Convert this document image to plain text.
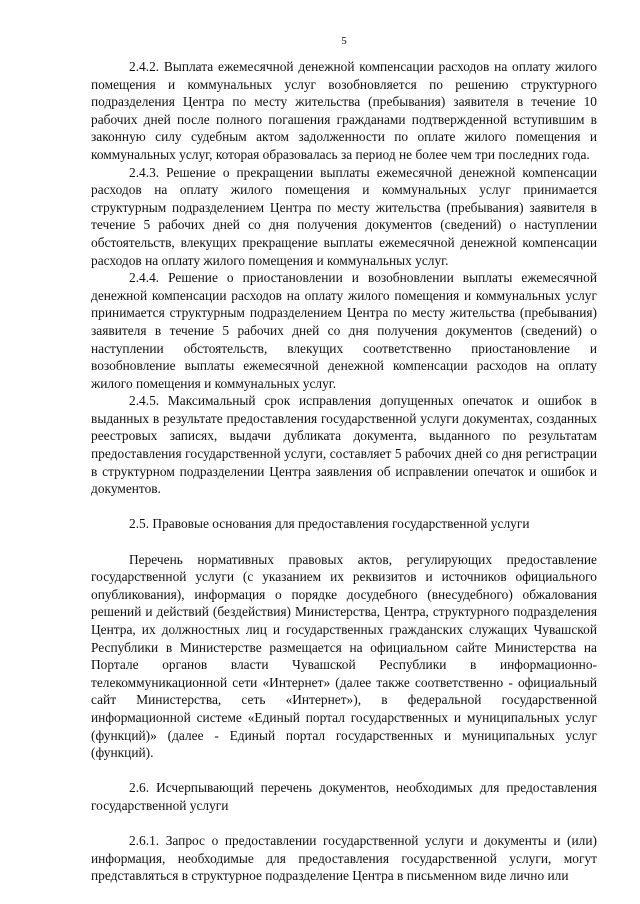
5

2.4.2. Выплата ежемесячной денежной компенсации расходов на оплату жилого помещения и коммунальных услуг возобновляется по решению структурного подразделения Центра по месту жительства (пребывания) заявителя в течение 10 рабочих дней после полного погашения гражданами подтвержденной вступившим в законную силу судебным актом задолженности по оплате жилого помещения и коммунальных услуг, которая образовалась за период не более чем три последних года.

2.4.3. Решение о прекращении выплаты ежемесячной денежной компенсации расходов на оплату жилого помещения и коммунальных услуг принимается структурным подразделением Центра по месту жительства (пребывания) заявителя в течение 5 рабочих дней со дня получения документов (сведений) о наступлении обстоятельств, влекущих прекращение выплаты ежемесячной денежной компенсации расходов на оплату жилого помещения и коммунальных услуг.

2.4.4. Решение о приостановлении и возобновлении выплаты ежемесячной денежной компенсации расходов на оплату жилого помещения и коммунальных услуг принимается структурным подразделением Центра по месту жительства (пребывания) заявителя в течение 5 рабочих дней со дня получения документов (сведений) о наступлении обстоятельств, влекущих соответственно приостановление и возобновление выплаты ежемесячной денежной компенсации расходов на оплату жилого помещения и коммунальных услуг.

2.4.5. Максимальный срок исправления допущенных опечаток и ошибок в выданных в результате предоставления государственной услуги документах, созданных реестровых записях, выдачи дубликата документа, выданного по результатам предоставления государственной услуги, составляет 5 рабочих дней со дня регистрации в структурном подразделении Центра заявления об исправлении опечаток и ошибок и документов.

2.5. Правовые основания для предоставления государственной услуги

Перечень нормативных правовых актов, регулирующих предоставление государственной услуги (с указанием их реквизитов и источников официального опубликования), информация о порядке досудебного (внесудебного) обжалования решений и действий (бездействия) Министерства, Центра, структурного подразделения Центра, их должностных лиц и государственных гражданских служащих Чувашской Республики в Министерстве размещается на официальном сайте Министерства на Портале органов власти Чувашской Республики в информационно-телекоммуникационной сети «Интернет» (далее также соответственно - официальный сайт Министерства, сеть «Интернет»), в федеральной государственной информационной системе «Единый портал государственных и муниципальных услуг (функций)» (далее - Единый портал государственных и муниципальных услуг (функций).

2.6. Исчерпывающий перечень документов, необходимых для предоставления государственной услуги

2.6.1. Запрос о предоставлении государственной услуги и документы и (или) информация, необходимые для предоставления государственной услуги, могут представляться в структурное подразделение Центра в письменном виде лично или
